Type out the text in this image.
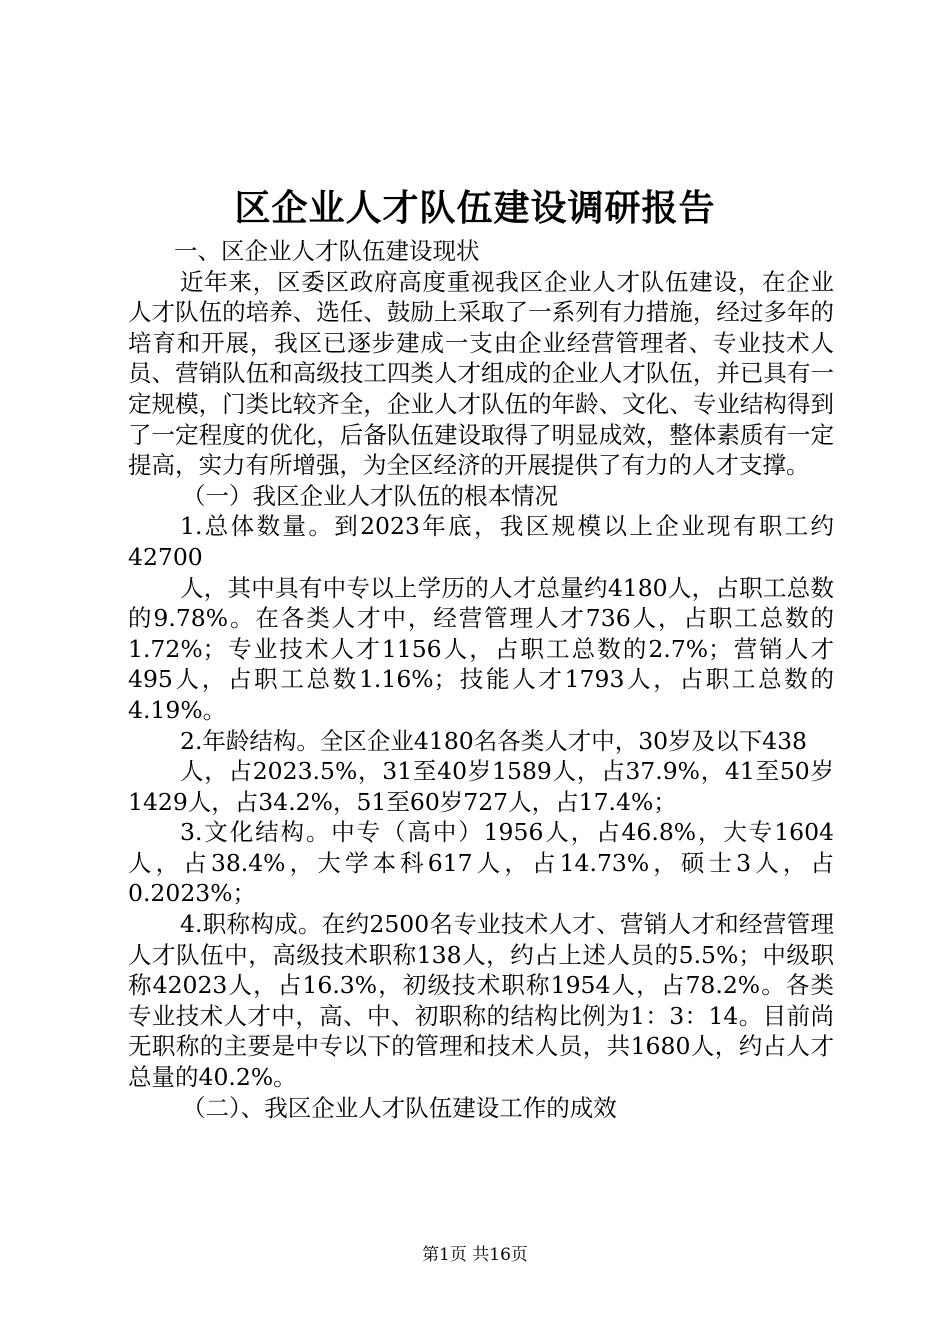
区企业人才队伍建设调研报告

一、区企业人才队伍建设现状

近年来，区委区政府高度重视我区企业人才队伍建设，在企业人才队伍的培养、选任、鼓励上采取了一系列有力措施，经过多年的培育和开展，我区已逐步建成一支由企业经营管理者、专业技术人员、营销队伍和高级技工四类人才组成的企业人才队伍，并已具有一定规模，门类比较齐全，企业人才队伍的年龄、文化、专业结构得到了一定程度的优化，后备队伍建设取得了明显成效，整体素质有一定提高，实力有所增强，为全区经济的开展提供了有力的人才支撑。

（一）我区企业人才队伍的根本情况

1.总体数量。到2023年底，我区规模以上企业现有职工约42700

人，其中具有中专以上学历的人才总量约4180人，占职工总数的9.78%。在各类人才中，经营管理人才736人，占职工总数的1.72%；专业技术人才1156人，占职工总数的2.7%；营销人才495人，占职工总数1.16%；技能人才1793人，占职工总数的4.19%。

2.年龄结构。全区企业4180名各类人才中，30岁及以下438

人，占2023.5%，31至40岁1589人，占37.9%，41至50岁1429人，占34.2%，51至60岁727人，占17.4%；

3.文化结构。中专（高中）1956人，占46.8%，大专1604人，占38.4%，大学本科617人，占14.73%，硕士3人，占0.2023%；

4.职称构成。在约2500名专业技术人才、营销人才和经营管理人才队伍中，高级技术职称138人，约占上述人员的5.5%；中级职称42023人，占16.3%，初级技术职称1954人，占78.2%。各类专业技术人才中，高、中、初职称的结构比例为1：3：14。目前尚无职称的主要是中专以下的管理和技术人员，共1680人，约占人才总量的40.2%。

（二）、我区企业人才队伍建设工作的成效

第1页 共16页
